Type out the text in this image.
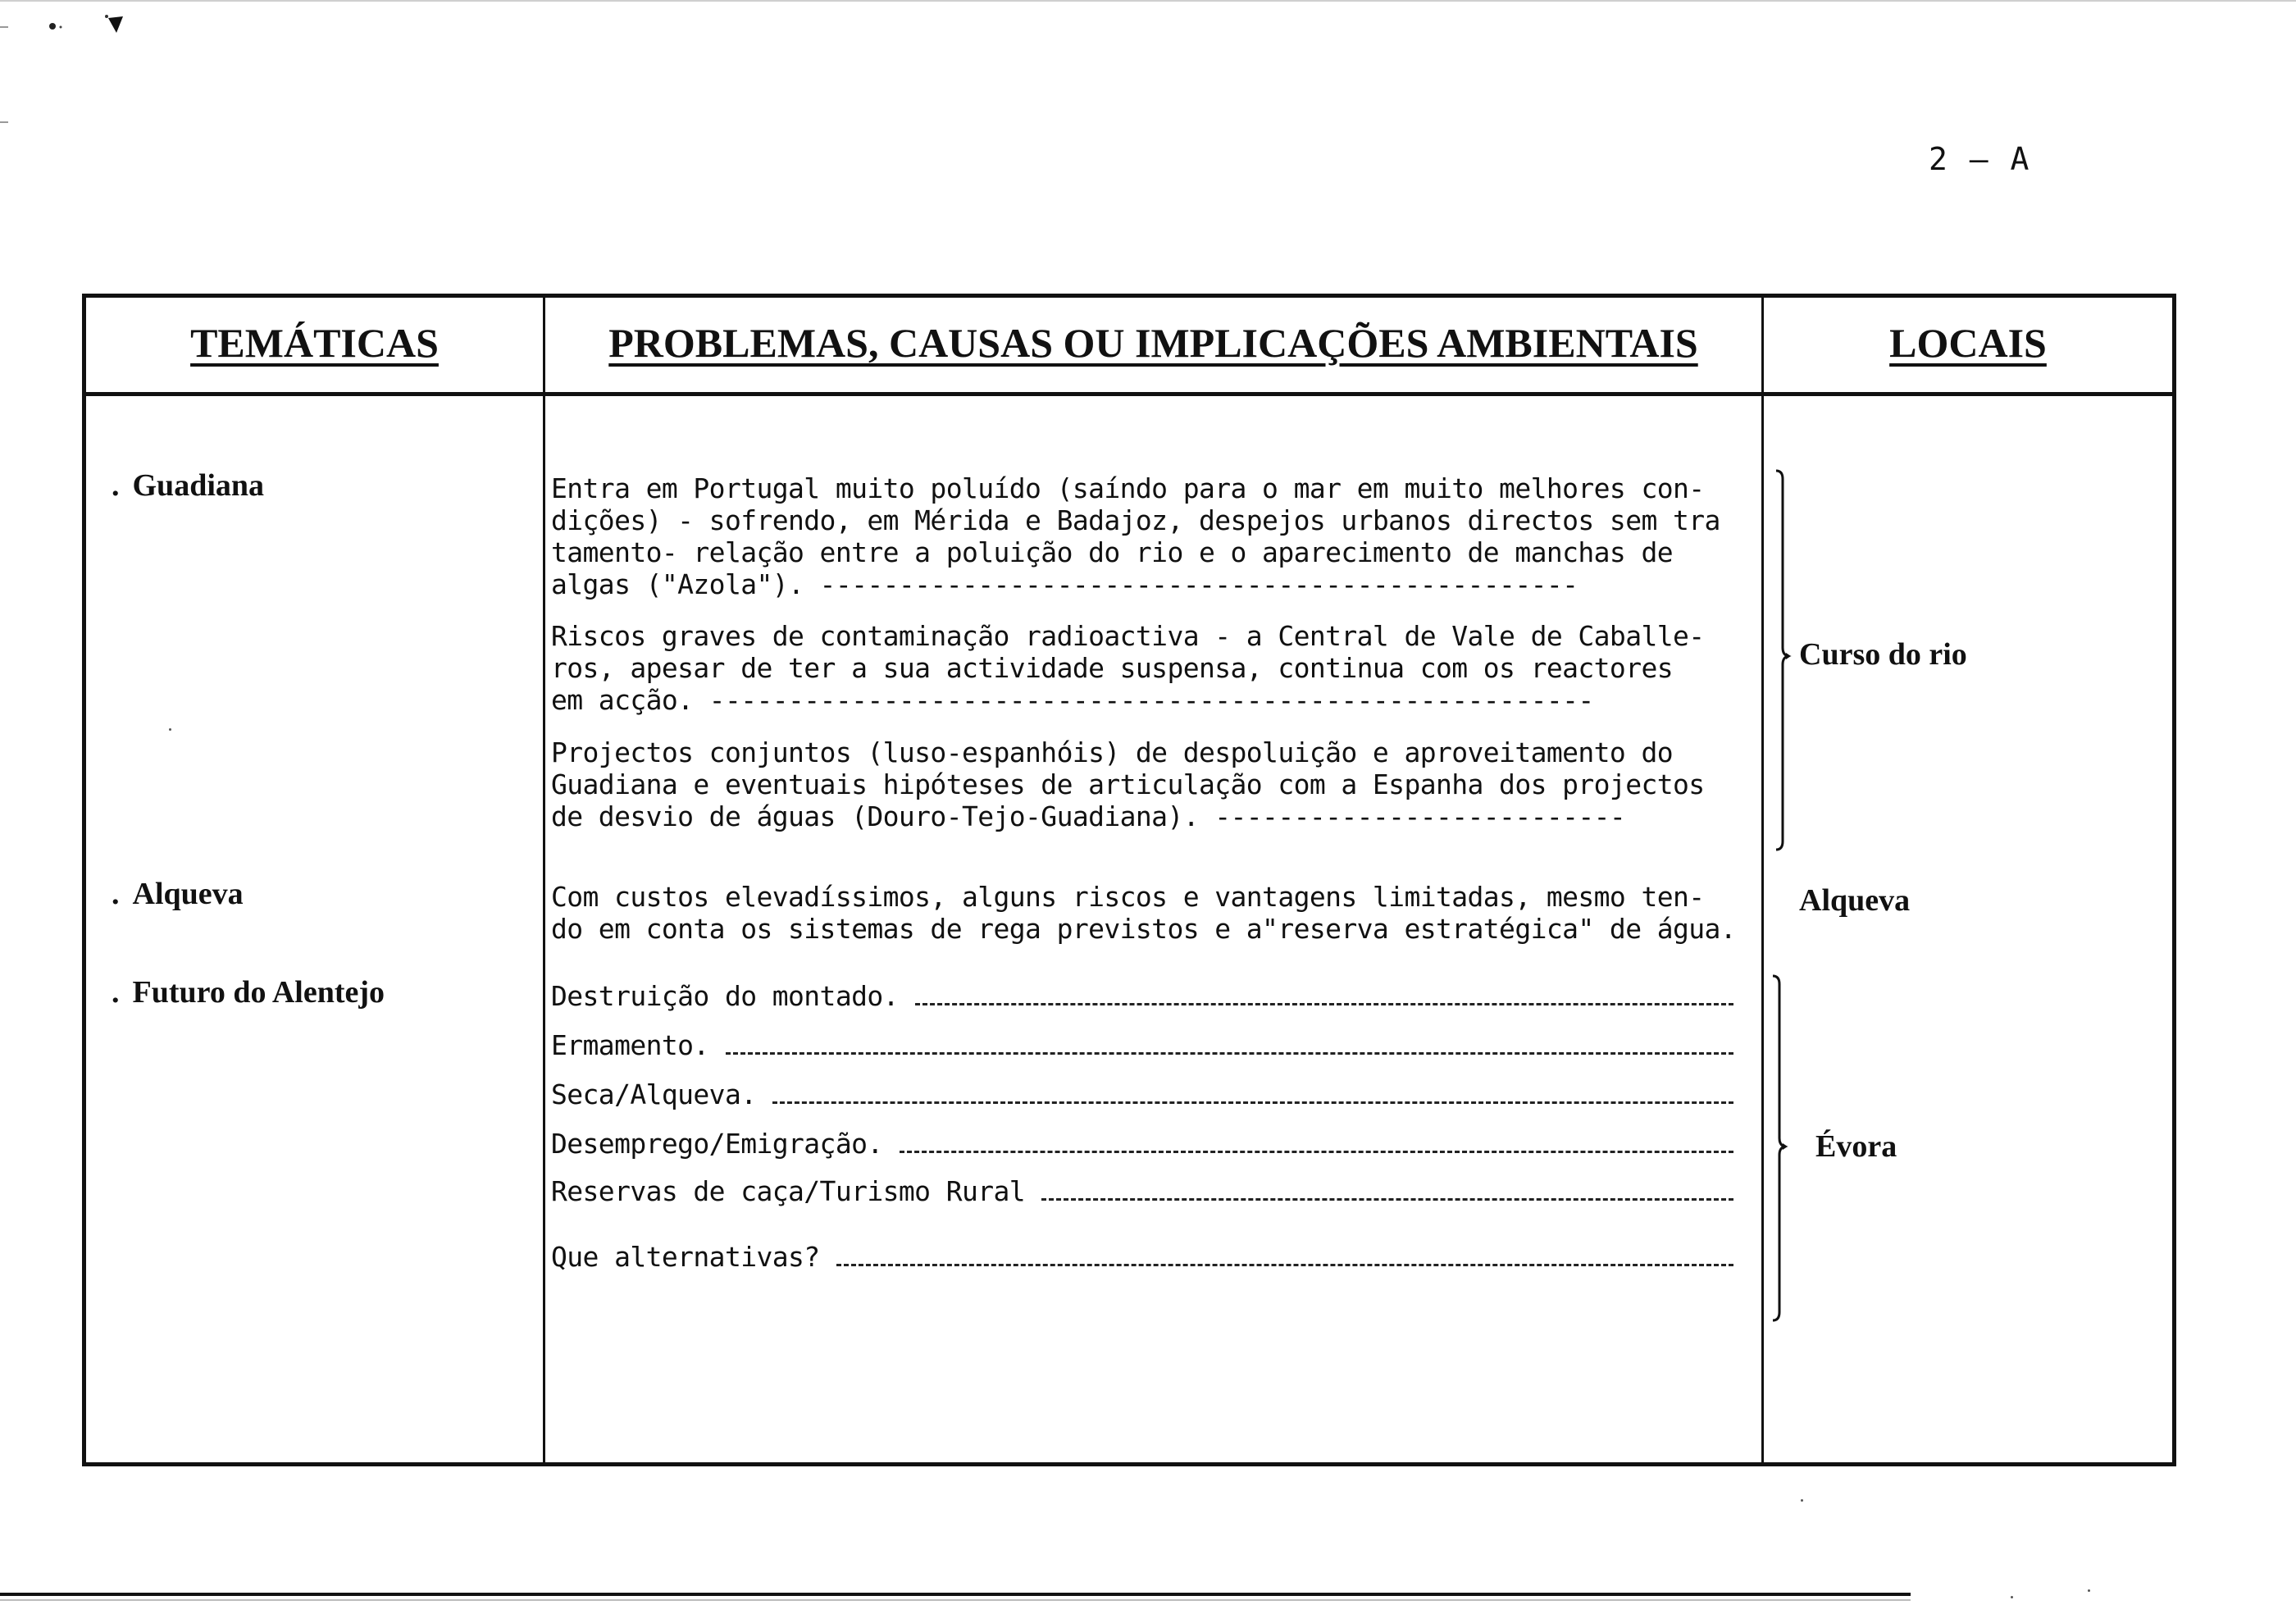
2 – A
TEMÁTICAS	PROBLEMAS, CAUSAS OU IMPLICAÇÕES AMBIENTAIS	LOCAIS
. Guadiana
. Alqueva
. Futuro do Alentejo

Entra em Portugal muito poluído (saíndo para o mar em muito melhores con-
dições) - sofrendo, em Mérida e Badajoz, despejos urbanos directos sem tra
tamento- relação entre a poluição do rio e o aparecimento de manchas de
algas ("Azola"). ------------------------------------------------

Riscos graves de contaminação radioactiva - a Central de Vale de Caballe-
ros, apesar de ter a sua actividade suspensa, continua com os reactores
em acção. --------------------------------------------------------

Projectos conjuntos (luso-espanhóis) de despoluição e aproveitamento do
Guadiana e eventuais hipóteses de articulação com a Espanha dos projectos
de desvio de águas (Douro-Tejo-Guadiana). --------------------------

Com custos elevadíssimos, alguns riscos e vantagens limitadas, mesmo ten-
do em conta os sistemas de rega previstos e a"reserva estratégica" de água.

Destruição do montado.
Ermamento.
Seca/Alqueva.
Desemprego/Emigração.
Reservas de caça/Turismo Rural
Que alternativas?
Curso do rio
Alqueva
Évora
